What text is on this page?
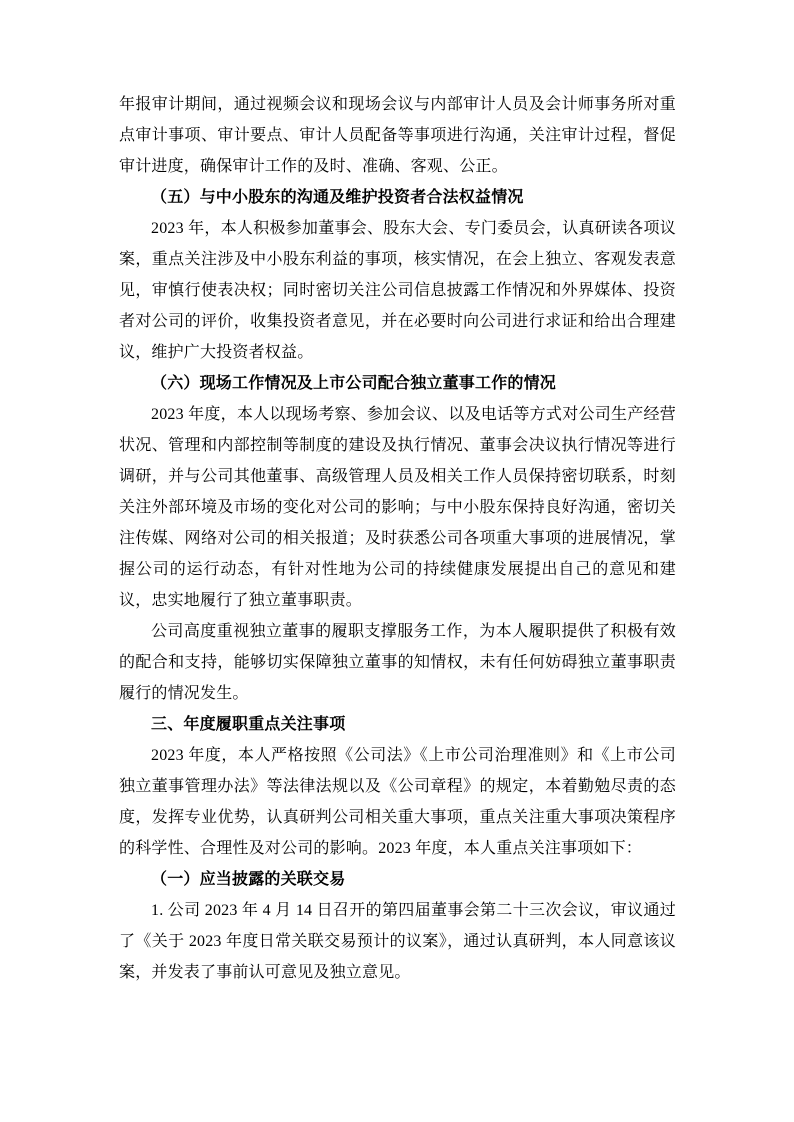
年报审计期间，通过视频会议和现场会议与内部审计人员及会计师事务所对重点审计事项、审计要点、审计人员配备等事项进行沟通，关注审计过程，督促审计进度，确保审计工作的及时、准确、客观、公正。

（五）与中小股东的沟通及维护投资者合法权益情况

2023 年，本人积极参加董事会、股东大会、专门委员会，认真研读各项议案，重点关注涉及中小股东利益的事项，核实情况，在会上独立、客观发表意见，审慎行使表决权；同时密切关注公司信息披露工作情况和外界媒体、投资者对公司的评价，收集投资者意见，并在必要时向公司进行求证和给出合理建议，维护广大投资者权益。

（六）现场工作情况及上市公司配合独立董事工作的情况

2023 年度，本人以现场考察、参加会议、以及电话等方式对公司生产经营状况、管理和内部控制等制度的建设及执行情况、董事会决议执行情况等进行调研，并与公司其他董事、高级管理人员及相关工作人员保持密切联系，时刻关注外部环境及市场的变化对公司的影响；与中小股东保持良好沟通，密切关注传媒、网络对公司的相关报道；及时获悉公司各项重大事项的进展情况，掌握公司的运行动态，有针对性地为公司的持续健康发展提出自己的意见和建议，忠实地履行了独立董事职责。

公司高度重视独立董事的履职支撑服务工作，为本人履职提供了积极有效的配合和支持，能够切实保障独立董事的知情权，未有任何妨碍独立董事职责履行的情况发生。

三、年度履职重点关注事项

2023 年度，本人严格按照《公司法》《上市公司治理准则》和《上市公司独立董事管理办法》等法律法规以及《公司章程》的规定，本着勤勉尽责的态度，发挥专业优势，认真研判公司相关重大事项，重点关注重大事项决策程序的科学性、合理性及对公司的影响。2023 年度，本人重点关注事项如下：

（一）应当披露的关联交易

1. 公司 2023 年 4 月 14 日召开的第四届董事会第二十三次会议，审议通过了《关于 2023 年度日常关联交易预计的议案》，通过认真研判，本人同意该议案，并发表了事前认可意见及独立意见。
